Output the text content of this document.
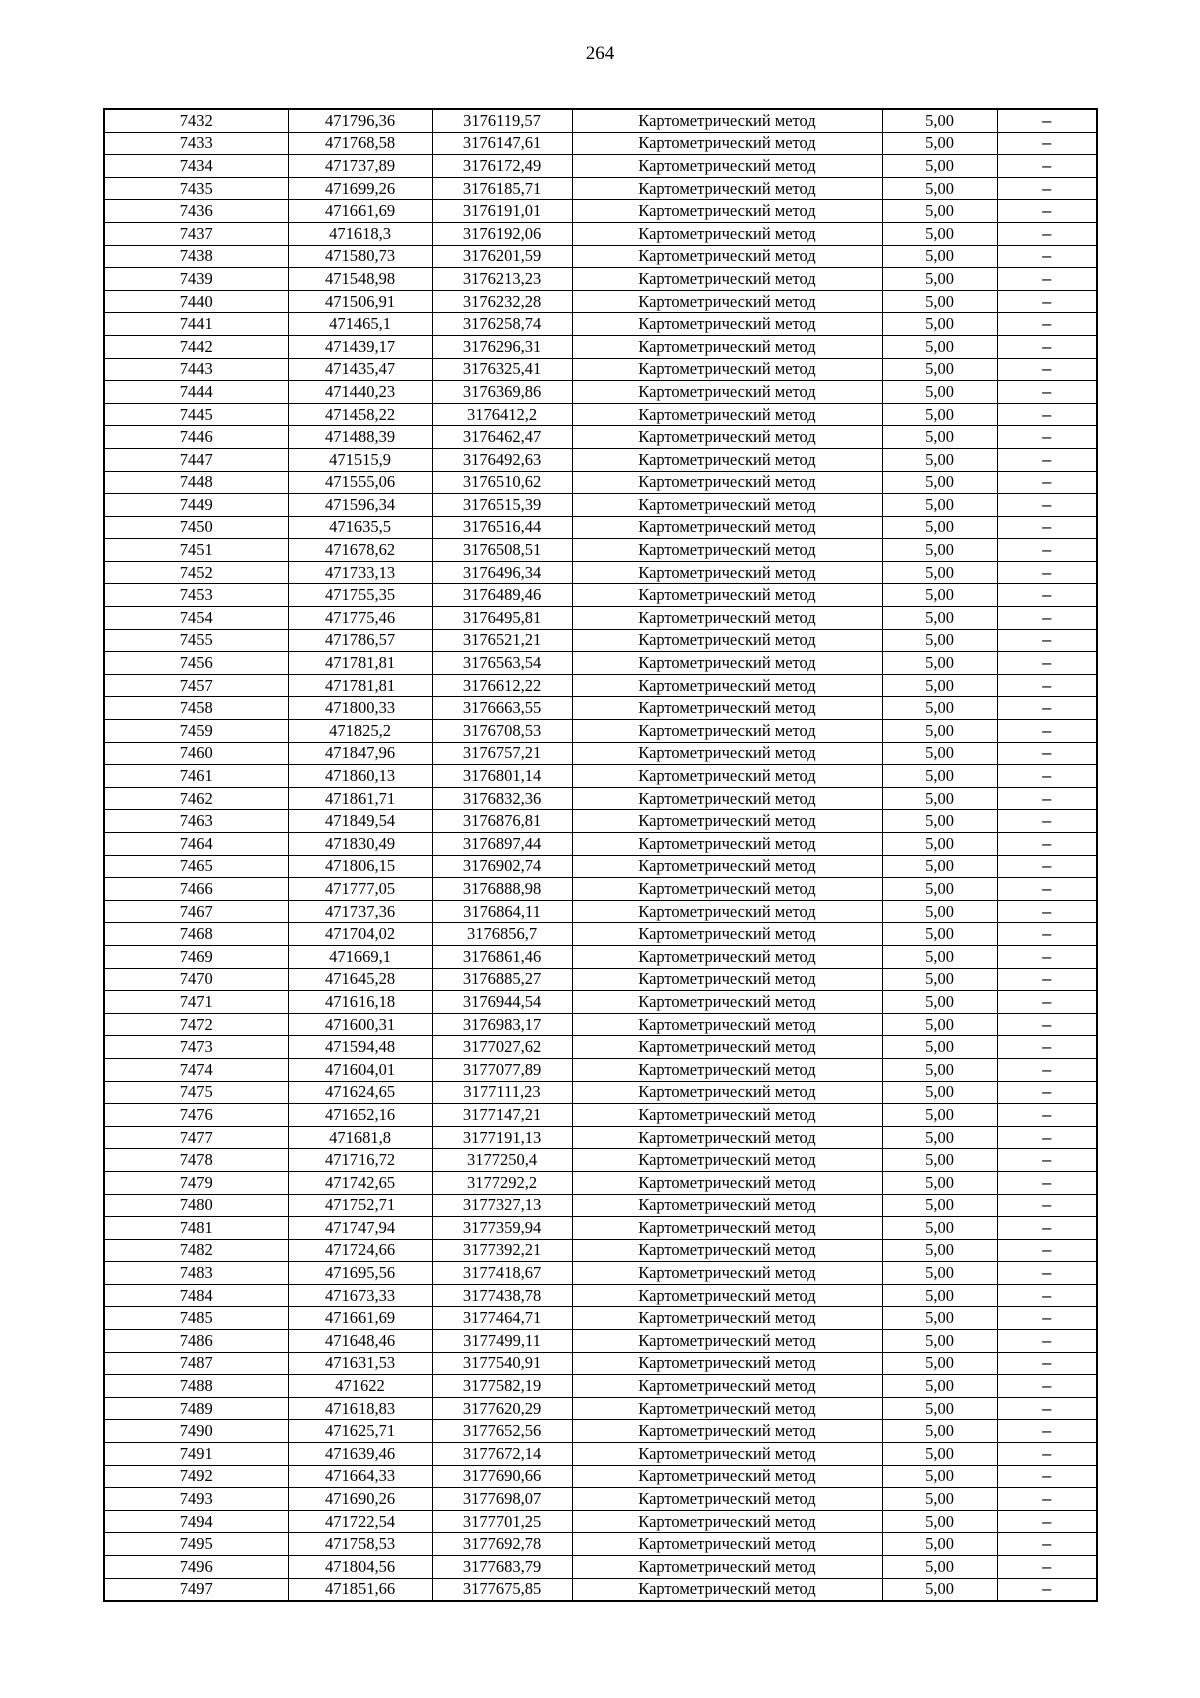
264
7432	471796,36	3176119,57	Картометрический метод	5,00	–
7433	471768,58	3176147,61	Картометрический метод	5,00	–
7434	471737,89	3176172,49	Картометрический метод	5,00	–
7435	471699,26	3176185,71	Картометрический метод	5,00	–
7436	471661,69	3176191,01	Картометрический метод	5,00	–
7437	471618,3	3176192,06	Картометрический метод	5,00	–
7438	471580,73	3176201,59	Картометрический метод	5,00	–
7439	471548,98	3176213,23	Картометрический метод	5,00	–
7440	471506,91	3176232,28	Картометрический метод	5,00	–
7441	471465,1	3176258,74	Картометрический метод	5,00	–
7442	471439,17	3176296,31	Картометрический метод	5,00	–
7443	471435,47	3176325,41	Картометрический метод	5,00	–
7444	471440,23	3176369,86	Картометрический метод	5,00	–
7445	471458,22	3176412,2	Картометрический метод	5,00	–
7446	471488,39	3176462,47	Картометрический метод	5,00	–
7447	471515,9	3176492,63	Картометрический метод	5,00	–
7448	471555,06	3176510,62	Картометрический метод	5,00	–
7449	471596,34	3176515,39	Картометрический метод	5,00	–
7450	471635,5	3176516,44	Картометрический метод	5,00	–
7451	471678,62	3176508,51	Картометрический метод	5,00	–
7452	471733,13	3176496,34	Картометрический метод	5,00	–
7453	471755,35	3176489,46	Картометрический метод	5,00	–
7454	471775,46	3176495,81	Картометрический метод	5,00	–
7455	471786,57	3176521,21	Картометрический метод	5,00	–
7456	471781,81	3176563,54	Картометрический метод	5,00	–
7457	471781,81	3176612,22	Картометрический метод	5,00	–
7458	471800,33	3176663,55	Картометрический метод	5,00	–
7459	471825,2	3176708,53	Картометрический метод	5,00	–
7460	471847,96	3176757,21	Картометрический метод	5,00	–
7461	471860,13	3176801,14	Картометрический метод	5,00	–
7462	471861,71	3176832,36	Картометрический метод	5,00	–
7463	471849,54	3176876,81	Картометрический метод	5,00	–
7464	471830,49	3176897,44	Картометрический метод	5,00	–
7465	471806,15	3176902,74	Картометрический метод	5,00	–
7466	471777,05	3176888,98	Картометрический метод	5,00	–
7467	471737,36	3176864,11	Картометрический метод	5,00	–
7468	471704,02	3176856,7	Картометрический метод	5,00	–
7469	471669,1	3176861,46	Картометрический метод	5,00	–
7470	471645,28	3176885,27	Картометрический метод	5,00	–
7471	471616,18	3176944,54	Картометрический метод	5,00	–
7472	471600,31	3176983,17	Картометрический метод	5,00	–
7473	471594,48	3177027,62	Картометрический метод	5,00	–
7474	471604,01	3177077,89	Картометрический метод	5,00	–
7475	471624,65	3177111,23	Картометрический метод	5,00	–
7476	471652,16	3177147,21	Картометрический метод	5,00	–
7477	471681,8	3177191,13	Картометрический метод	5,00	–
7478	471716,72	3177250,4	Картометрический метод	5,00	–
7479	471742,65	3177292,2	Картометрический метод	5,00	–
7480	471752,71	3177327,13	Картометрический метод	5,00	–
7481	471747,94	3177359,94	Картометрический метод	5,00	–
7482	471724,66	3177392,21	Картометрический метод	5,00	–
7483	471695,56	3177418,67	Картометрический метод	5,00	–
7484	471673,33	3177438,78	Картометрический метод	5,00	–
7485	471661,69	3177464,71	Картометрический метод	5,00	–
7486	471648,46	3177499,11	Картометрический метод	5,00	–
7487	471631,53	3177540,91	Картометрический метод	5,00	–
7488	471622	3177582,19	Картометрический метод	5,00	–
7489	471618,83	3177620,29	Картометрический метод	5,00	–
7490	471625,71	3177652,56	Картометрический метод	5,00	–
7491	471639,46	3177672,14	Картометрический метод	5,00	–
7492	471664,33	3177690,66	Картометрический метод	5,00	–
7493	471690,26	3177698,07	Картометрический метод	5,00	–
7494	471722,54	3177701,25	Картометрический метод	5,00	–
7495	471758,53	3177692,78	Картометрический метод	5,00	–
7496	471804,56	3177683,79	Картометрический метод	5,00	–
7497	471851,66	3177675,85	Картометрический метод	5,00	–
